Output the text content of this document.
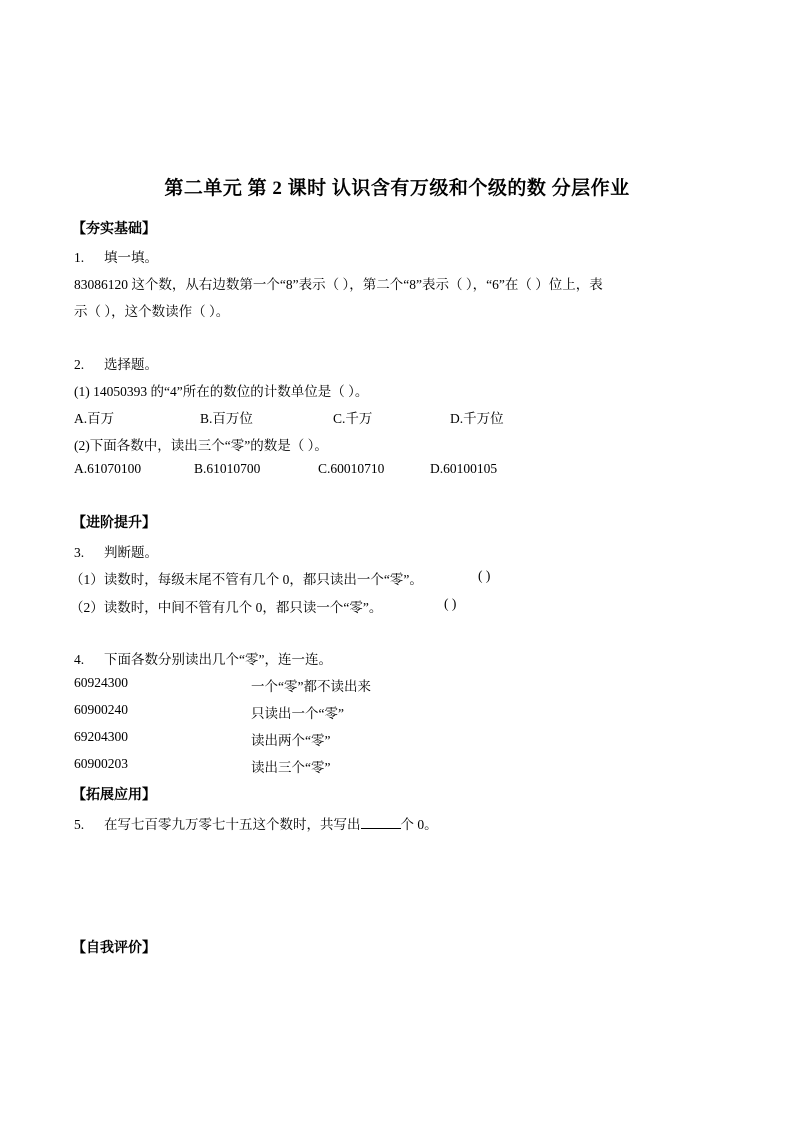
第二单元 第 2 课时 认识含有万级和个级的数 分层作业
【夯实基础】
1. 填一填。
83086120 这个数，从右边数第一个“8”表示（ ），第二个“8”表示（ ），“6”在（ ）位上，表
示（ ），这个数读作（ ）。
2. 选择题。
(1) 14050393 的“4”所在的数位的计数单位是（ ）。
A.百万	B.百万位	C.千万	D.千万位
(2)下面各数中，读出三个“零”的数是（ ）。
A.61070100	B.61010700	C.60010710	D.60100105
【进阶提升】
3. 判断题。
（1）读数时，每级末尾不管有几个 0，都只读出一个“零”。	( )
（2）读数时，中间不管有几个 0，都只读一个“零”。	( )
4. 下面各数分别读出几个“零”，连一连。
60924300	一个“零”都不读出来
60900240	只读出一个“零”
69204300	读出两个“零”
60900203	读出三个“零”
【拓展应用】
5. 在写七百零九万零七十五这个数时，共写出	个 0。
【自我评价】
